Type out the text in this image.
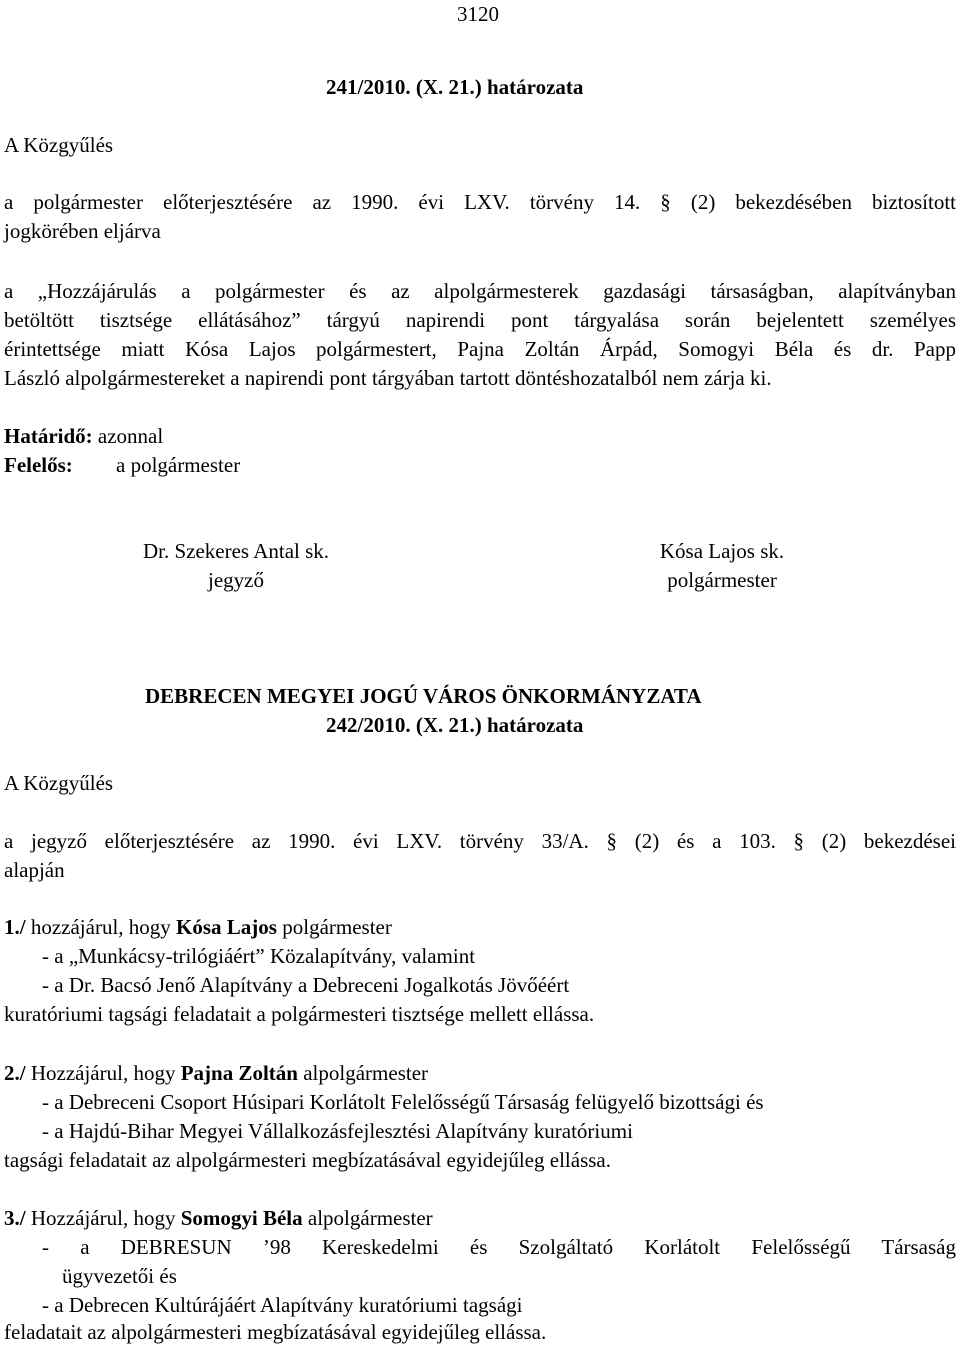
3120
241/2010. (X. 21.) határozata
A Közgyűlés
a polgármester előterjesztésére az 1990. évi LXV. törvény 14. § (2) bekezdésében biztosított
jogkörében eljárva
a „Hozzájárulás a polgármester és az alpolgármesterek gazdasági társaságban, alapítványban
betöltött tisztsége ellátásához” tárgyú napirendi pont tárgyalása során bejelentett személyes
érintettsége miatt Kósa Lajos polgármestert, Pajna Zoltán Árpád, Somogyi Béla és dr. Papp
László alpolgármestereket a napirendi pont tárgyában tartott döntéshozatalból nem zárja ki.
Határidő: azonnal
Felelős: a polgármester
Dr. Szekeres Antal sk.
jegyző
Kósa Lajos sk.
polgármester
DEBRECEN MEGYEI JOGÚ VÁROS ÖNKORMÁNYZATA
242/2010. (X. 21.) határozata
A Közgyűlés
a jegyző előterjesztésére az 1990. évi LXV. törvény 33/A. § (2) és a 103. § (2) bekezdései
alapján
1./ hozzájárul, hogy Kósa Lajos polgármester
- a „Munkácsy-trilógiáért” Közalapítvány, valamint
- a Dr. Bacsó Jenő Alapítvány a Debreceni Jogalkotás Jövőéért
kuratóriumi tagsági feladatait a polgármesteri tisztsége mellett ellássa.
2./ Hozzájárul, hogy Pajna Zoltán alpolgármester
- a Debreceni Csoport Húsipari Korlátolt Felelősségű Társaság felügyelő bizottsági és
- a Hajdú-Bihar Megyei Vállalkozásfejlesztési Alapítvány kuratóriumi
tagsági feladatait az alpolgármesteri megbízatásával egyidejűleg ellássa.
3./ Hozzájárul, hogy Somogyi Béla alpolgármester
- a DEBRESUN ’98 Kereskedelmi és Szolgáltató Korlátolt Felelősségű Társaság
ügyvezetői és
- a Debrecen Kultúrájáért Alapítvány kuratóriumi tagsági
feladatait az alpolgármesteri megbízatásával egyidejűleg ellássa.
